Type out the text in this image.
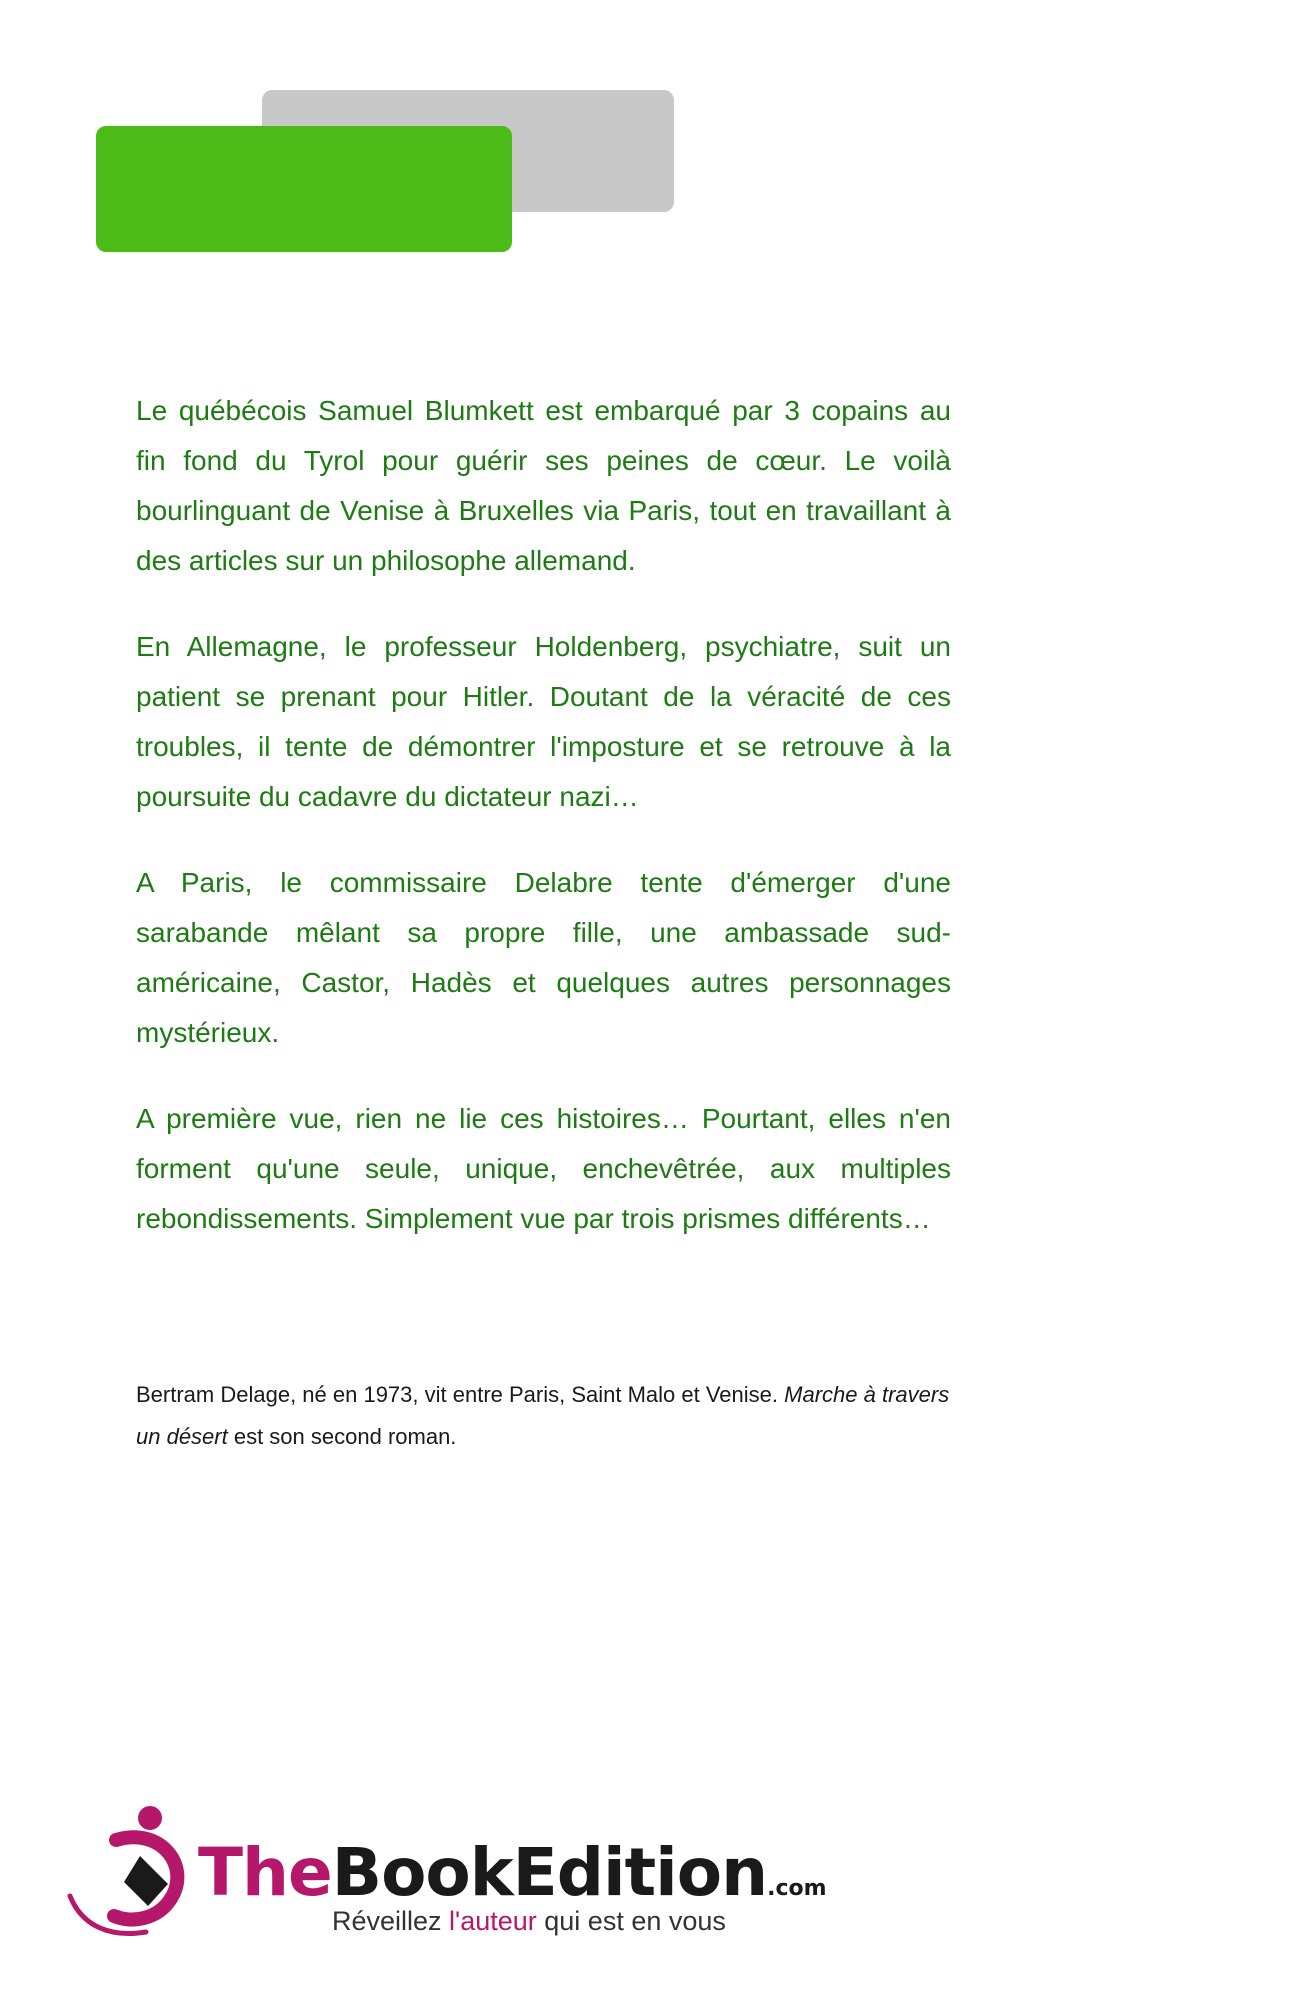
Le québécois Samuel Blumkett est embarqué par 3 copains au fin fond du Tyrol pour guérir ses peines de cœur. Le voilà bourlinguant de Venise à Bruxelles via Paris, tout en travaillant à des articles sur un philosophe allemand.

En Allemagne, le professeur Holdenberg, psychiatre, suit un patient se prenant pour Hitler. Doutant de la véracité de ces troubles, il tente de démontrer l'imposture et se retrouve à la poursuite du cadavre du dictateur nazi…

A Paris, le commissaire Delabre tente d'émerger d'une sarabande mêlant sa propre fille, une ambassade sud-américaine, Castor, Hadès et quelques autres personnages mystérieux.

A première vue, rien ne lie ces histoires… Pourtant, elles n'en forment qu'une seule, unique, enchevêtrée, aux multiples rebondissements. Simplement vue par trois prismes différents…

Bertram Delage, né en 1973, vit entre Paris, Saint Malo et Venise. Marche à travers un désert est son second roman.
TheBookEdition.com
Réveillez l'auteur qui est en vous
